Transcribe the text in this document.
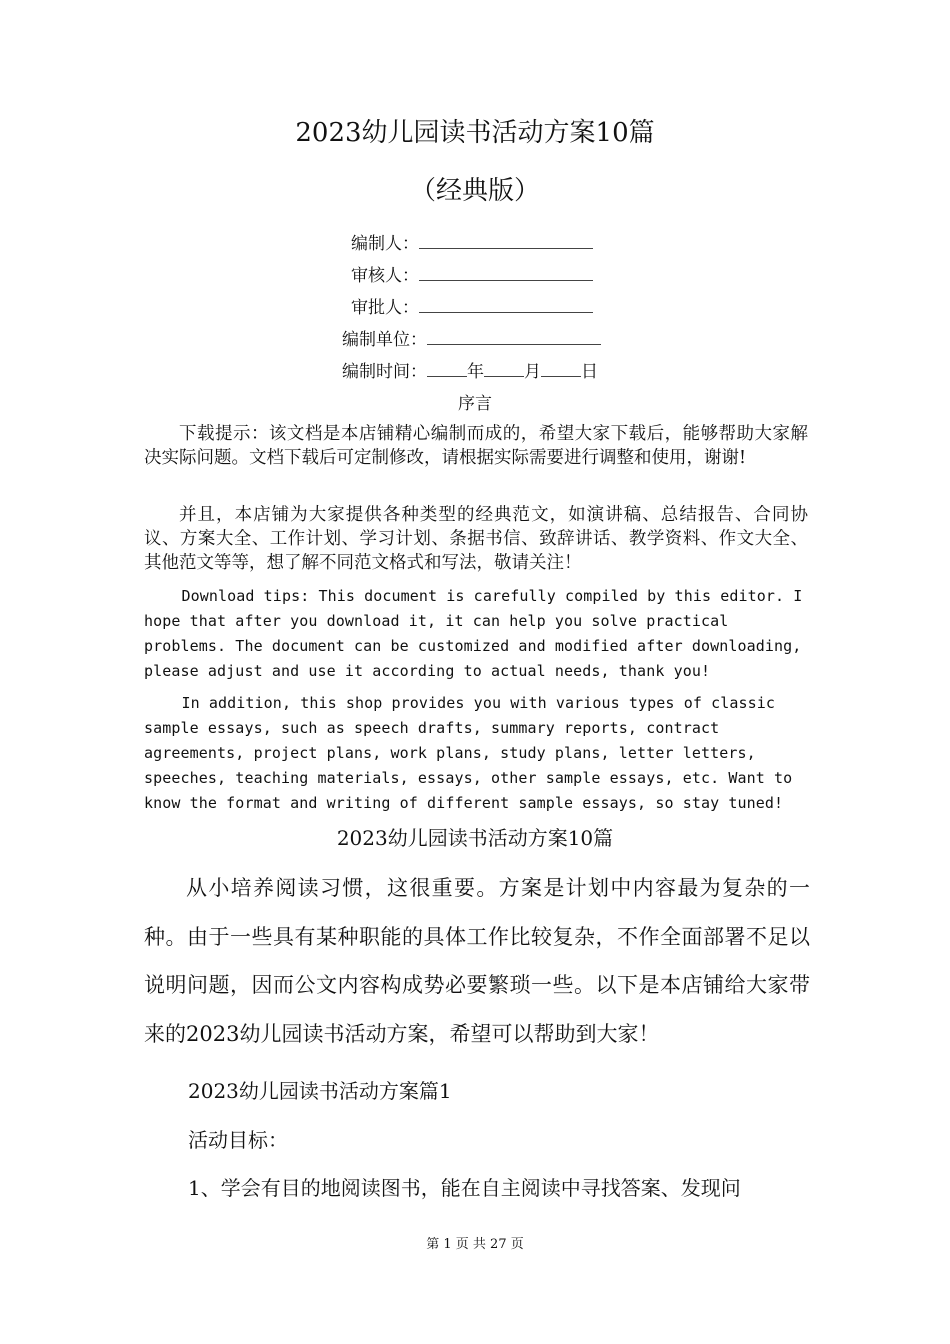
2023幼儿园读书活动方案10篇
（经典版）
编制人：
审核人：
审批人：
编制单位：
编制时间： 年 月 日
序言

下载提示：该文档是本店铺精心编制而成的，希望大家下载后，能够帮助大家解决实际问题。文档下载后可定制修改，请根据实际需要进行调整和使用，谢谢!

并且，本店铺为大家提供各种类型的经典范文，如演讲稿、总结报告、合同协议、方案大全、工作计划、学习计划、条据书信、致辞讲话、教学资料、作文大全、其他范文等等，想了解不同范文格式和写法，敬请关注！

Download tips: This document is carefully compiled by this editor. I hope that after you download it, it can help you solve practical problems. The document can be customized and modified after downloading, please adjust and use it according to actual needs, thank you!

In addition, this shop provides you with various types of classic sample essays, such as speech drafts, summary reports, contract agreements, project plans, work plans, study plans, letter letters, speeches, teaching materials, essays, other sample essays, etc. Want to know the format and writing of different sample essays, so stay tuned!

2023幼儿园读书活动方案10篇

从小培养阅读习惯，这很重要。方案是计划中内容最为复杂的一种。由于一些具有某种职能的具体工作比较复杂，不作全面部署不足以说明问题，因而公文内容构成势必要繁琐一些。以下是本店铺给大家带来的2023幼儿园读书活动方案，希望可以帮助到大家！

2023幼儿园读书活动方案篇1
活动目标：
1、学会有目的地阅读图书，能在自主阅读中寻找答案、发现问
第 1 页 共 27 页
